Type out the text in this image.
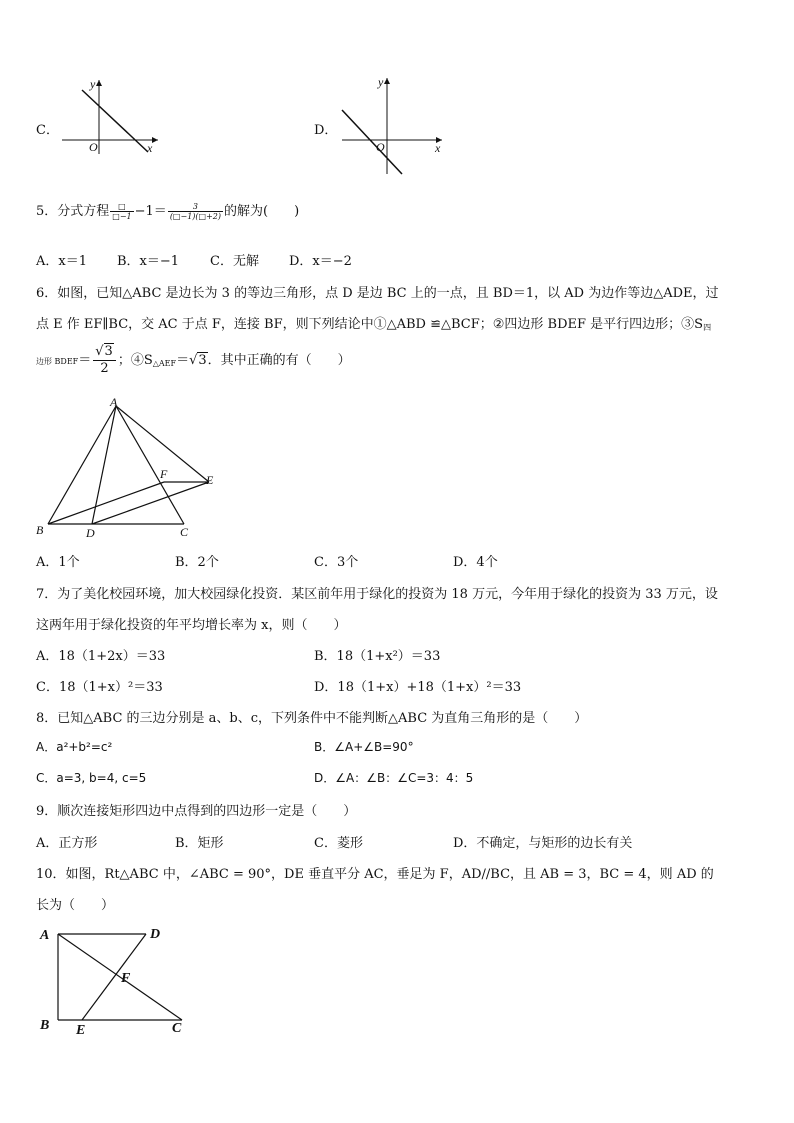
C．
x
y
O
D．
x
y
O
5．分式方程 $\frac{□}{□-1} -1= \frac{3}{(□-1)(□+2)}$ 的解为(　　)
A．x＝1 B．x＝−1 C．无解 D．x＝−2
6．如图，已知△ABC 是边长为 3 的等边三角形，点 D 是边 BC 上的一点，且 BD＝1，以 AD 为边作等边△ADE，过
点 E 作 EF∥BC，交 AC 于点 F，连接 BF，则下列结论中①△ABD ≌△BCF；②四边形 BDEF 是平行四边形；$③S_四$
边形 BDEF＝ $\frac{√3}{2}$ ；$④S_{\triangle AEF}=√3$．其中正确的有（　　）
A
B	C
D
E
F
A．1个	B．2个	C．3个	D．4个
7．为了美化校园环境，加大校园绿化投资．某区前年用于绿化的投资为 18 万元，今年用于绿化的投资为 33 万元，设
这两年用于绿化投资的年平均增长率为 x，则（　　）
A．18（1+2x）＝33	B．18（1+x²）＝33
C．18（1+x）²＝33	D．18（1+x）+18（1+x）²＝33
8．已知△ABC 的三边分别是 a、b、c，下列条件中不能判断△ABC 为直角三角形的是（　　）
A．a²+b²=c²	B．∠A+∠B=90°
C．a=3, b=4, c=5	D．∠A：∠B：∠C=3：4：5
9．顺次连接矩形四边中点得到的四边形一定是（　　）
A．正方形	B．矩形	C．菱形	D．不确定，与矩形的边长有关
10．如图，Rt△ABC 中，∠ABC = 90°，DE 垂直平分 AC，垂足为 F，AD//BC，且 AB = 3，BC = 4，则 AD 的
长为（　　）
A	D
B	C
E
F
